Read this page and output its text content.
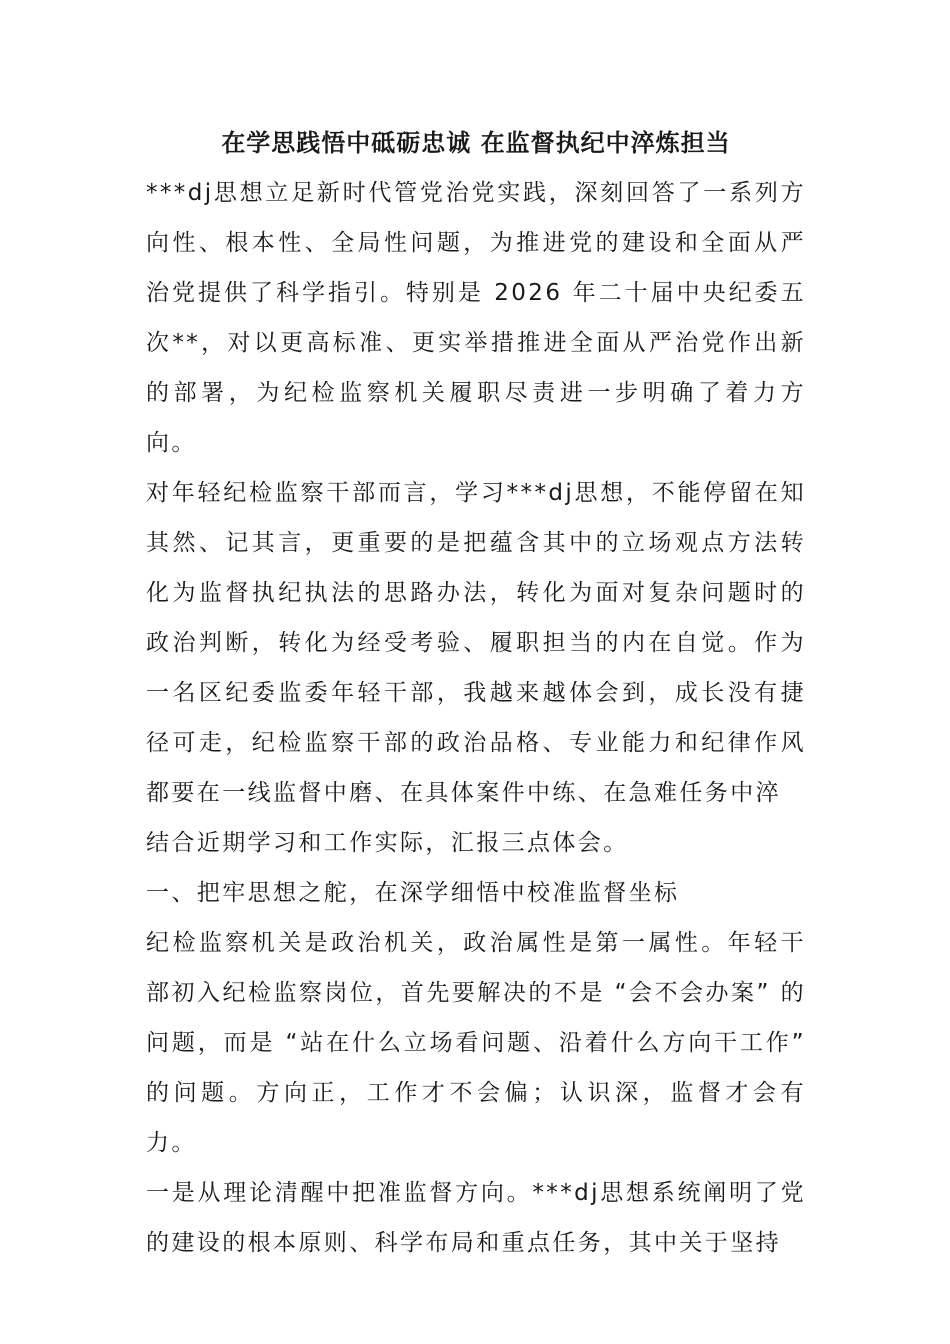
在学思践悟中砥砺忠诚 在监督执纪中淬炼担当

***dj思想立足新时代管党治党实践，深刻回答了一系列方向性、根本性、全局性问题，为推进党的建设和全面从严治党提供了科学指引。特别是 2026 年二十届中央纪委五次**，对以更高标准、更实举措推进全面从严治党作出新的部署，为纪检监察机关履职尽责进一步明确了着力方向。

对年轻纪检监察干部而言，学习***dj思想，不能停留在知其然、记其言，更重要的是把蕴含其中的立场观点方法转化为监督执纪执法的思路办法，转化为面对复杂问题时的政治判断，转化为经受考验、履职担当的内在自觉。作为一名区纪委监委年轻干部，我越来越体会到，成长没有捷径可走，纪检监察干部的政治品格、专业能力和纪律作风都要在一线监督中磨、在具体案件中练、在急难任务中淬

结合近期学习和工作实际，汇报三点体会。

一、把牢思想之舵，在深学细悟中校准监督坐标

纪检监察机关是政治机关，政治属性是第一属性。年轻干部初入纪检监察岗位，首先要解决的不是 “会不会办案” 的问题，而是 “站在什么立场看问题、沿着什么方向干工作” 的问题。方向正，工作才不会偏；认识深，监督才会有力。

一是从理论清醒中把准监督方向。***dj思想系统阐明了党的建设的根本原则、科学布局和重点任务，其中关于坚持
